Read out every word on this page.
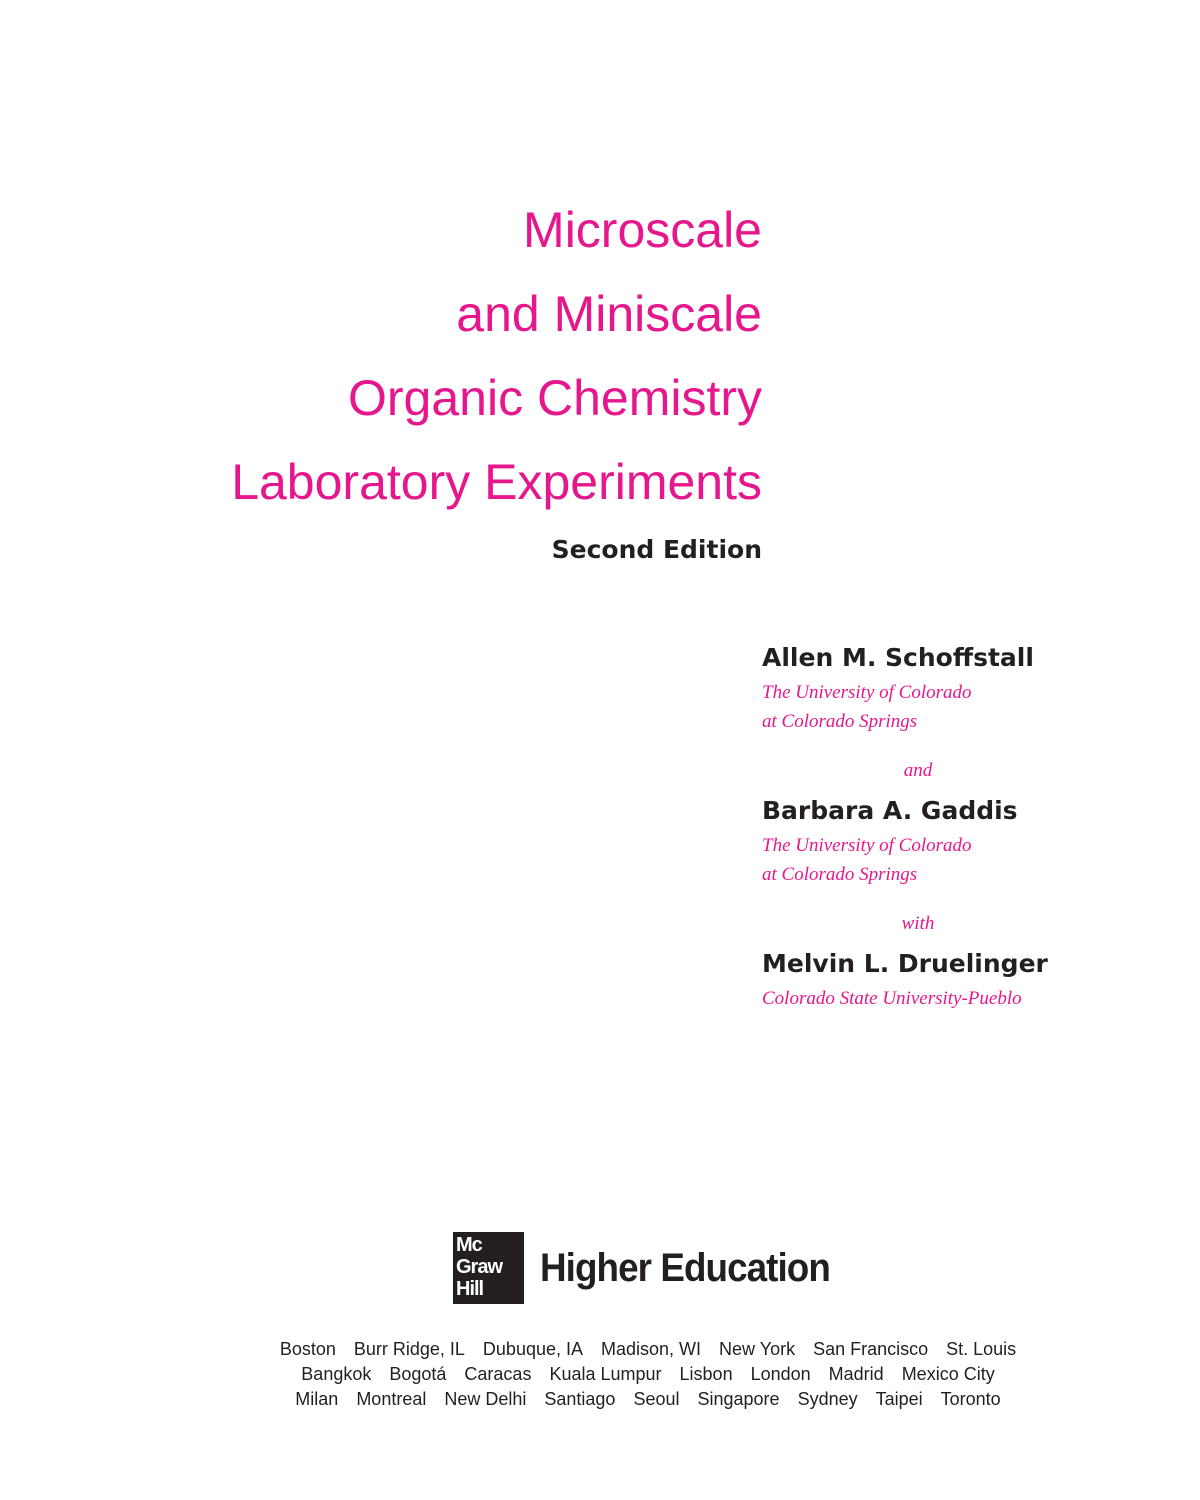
Microscale
and Miniscale
Organic Chemistry
Laboratory Experiments
Second Edition
Allen M. Schoffstall
The University of Colorado
at Colorado Springs
and
Barbara A. Gaddis
The University of Colorado
at Colorado Springs
with
Melvin L. Druelinger
Colorado State University-Pueblo
Mc
Graw
Hill	Higher Education
Boston Burr Ridge, IL Dubuque, IA Madison, WI New York San Francisco St. Louis
Bangkok Bogotá Caracas Kuala Lumpur Lisbon London Madrid Mexico City
Milan Montreal New Delhi Santiago Seoul Singapore Sydney Taipei Toronto
